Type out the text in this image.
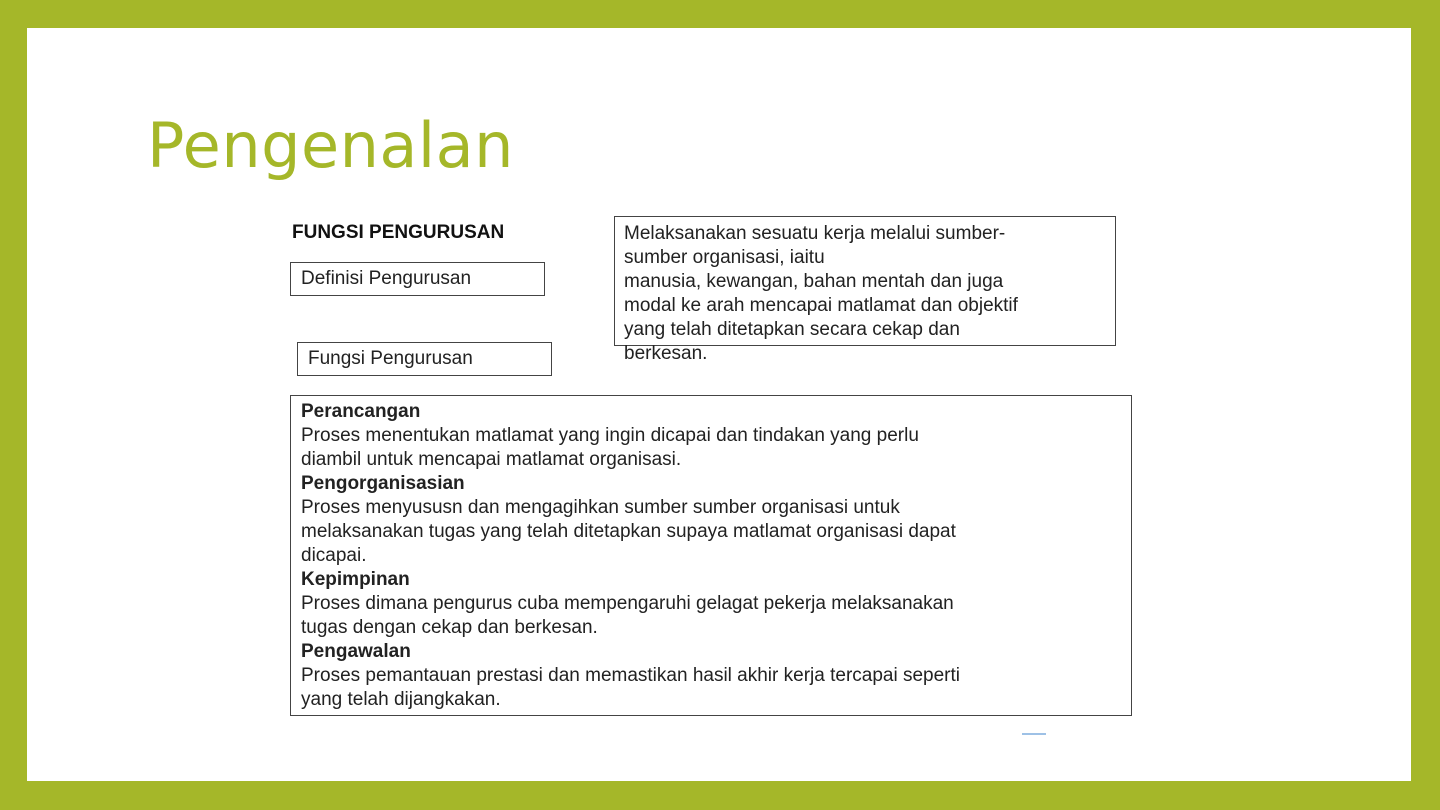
Pengenalan
FUNGSI PENGURUSAN
Definisi Pengurusan
Fungsi Pengurusan
Melaksanakan sesuatu kerja melalui sumber-
sumber organisasi, iaitu
manusia, kewangan, bahan mentah dan juga
modal ke arah mencapai matlamat dan objektif
yang telah ditetapkan secara cekap dan
berkesan.
Perancangan
Proses menentukan matlamat yang ingin dicapai dan tindakan yang perlu
diambil untuk mencapai matlamat organisasi.
Pengorganisasian
Proses menyususn dan mengagihkan sumber sumber organisasi untuk
melaksanakan tugas yang telah ditetapkan supaya matlamat organisasi dapat
dicapai.
Kepimpinan
Proses dimana pengurus cuba mempengaruhi gelagat pekerja melaksanakan
tugas dengan cekap dan berkesan.
Pengawalan
Proses pemantauan prestasi dan memastikan hasil akhir kerja tercapai seperti
yang telah dijangkakan.
